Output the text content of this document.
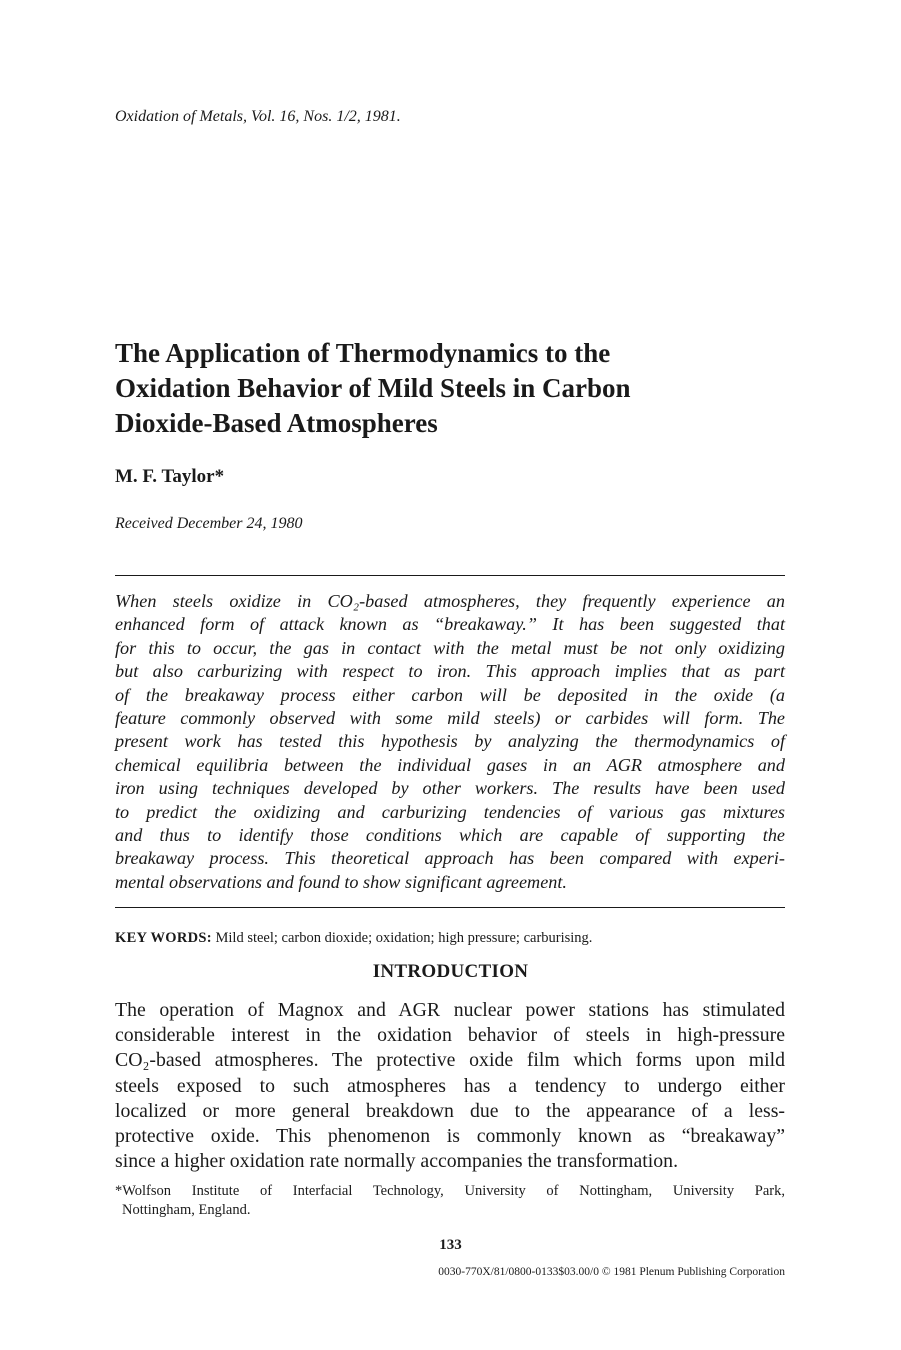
Oxidation of Metals, Vol. 16, Nos. 1/2, 1981.
The Application of Thermodynamics to the
Oxidation Behavior of Mild Steels in Carbon
Dioxide-Based Atmospheres
M. F. Taylor*
Received December 24, 1980
When steels oxidize in CO₂-based atmospheres, they frequently experience an
enhanced form of attack known as “breakaway.” It has been suggested that
for this to occur, the gas in contact with the metal must be not only oxidizing
but also carburizing with respect to iron. This approach implies that as part
of the breakaway process either carbon will be deposited in the oxide (a
feature commonly observed with some mild steels) or carbides will form. The
present work has tested this hypothesis by analyzing the thermodynamics of
chemical equilibria between the individual gases in an AGR atmosphere and
iron using techniques developed by other workers. The results have been used
to predict the oxidizing and carburizing tendencies of various gas mixtures
and thus to identify those conditions which are capable of supporting the
breakaway process. This theoretical approach has been compared with experi-
mental observations and found to show significant agreement.
KEY WORDS: Mild steel; carbon dioxide; oxidation; high pressure; carburising.
INTRODUCTION
The operation of Magnox and AGR nuclear power stations has stimulated
considerable interest in the oxidation behavior of steels in high-pressure
CO₂-based atmospheres. The protective oxide film which forms upon mild
steels exposed to such atmospheres has a tendency to undergo either
localized or more general breakdown due to the appearance of a less-
protective oxide. This phenomenon is commonly known as “breakaway”
since a higher oxidation rate normally accompanies the transformation.
*Wolfson Institute of Interfacial Technology, University of Nottingham, University Park,
Nottingham, England.
133
0030-770X/81/0800-0133$03.00/0 © 1981 Plenum Publishing Corporation
